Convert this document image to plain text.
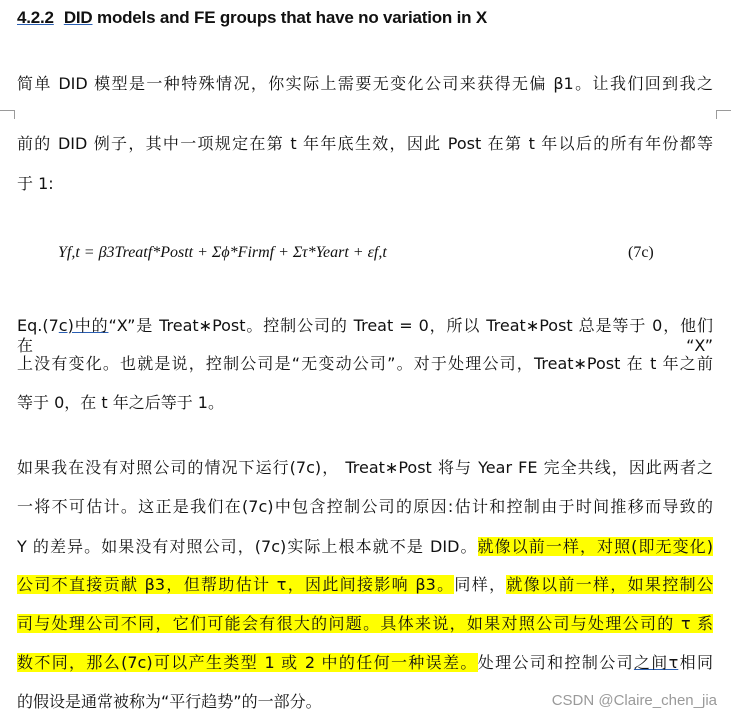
4.2.2 DID models and FE groups that have no variation in X
简单 DID 模型是一种特殊情况，你实际上需要无变化公司来获得无偏 β1。让我们回到我之
前的 DID 例子，其中一项规定在第 t 年年底生效，因此 Post 在第 t 年以后的所有年份都等
于 1:
Yf,t = β3Treatf*Postt + Σϕ*Firmf + Στ*Yeart + εf,t	(7c)
Eq.(7c)中的“X”是 Treat∗Post。控制公司的 Treat = 0，所以 Treat∗Post 总是等于 0，他们在“X”
上没有变化。也就是说，控制公司是“无变动公司”。对于处理公司，Treat∗Post 在 t 年之前
等于 0，在 t 年之后等于 1。
如果我在没有对照公司的情况下运行(7c)， Treat∗Post 将与 Year FE 完全共线，因此两者之
一将不可估计。这正是我们在(7c)中包含控制公司的原因:估计和控制由于时间推移而导致的
Y 的差异。如果没有对照公司，(7c)实际上根本就不是 DID。就像以前一样，对照(即无变化)
公司不直接贡献 β3，但帮助估计 τ，因此间接影响 β3。同样，就像以前一样，如果控制公
司与处理公司不同，它们可能会有很大的问题。具体来说，如果对照公司与处理公司的 τ 系
数不同，那么(7c)可以产生类型 1 或 2 中的任何一种误差。处理公司和控制公司之间τ相同
的假设是通常被称为“平行趋势”的一部分。	CSDN @Claire_chen_jia
